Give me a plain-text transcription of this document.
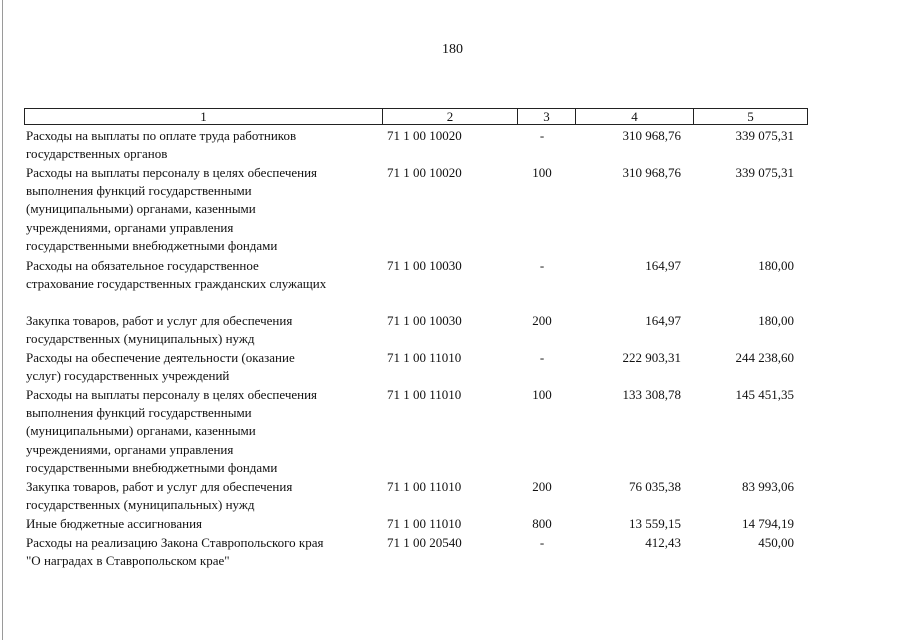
180
1	2	3	4	5
Расходы на выплаты по оплате труда работников
государственных органов
71 1 00 10020	-	310 968,76	339 075,31
Расходы на выплаты персоналу в целях обеспечения
выполнения функций государственными
(муниципальными) органами, казенными
учреждениями, органами управления
государственными внебюджетными фондами
71 1 00 10020	100	310 968,76	339 075,31
Расходы на обязательное государственное
страхование государственных гражданских служащих
71 1 00 10030	-	164,97	180,00
Закупка товаров, работ и услуг для обеспечения
государственных (муниципальных) нужд
71 1 00 10030	200	164,97	180,00
Расходы на обеспечение деятельности (оказание
услуг) государственных учреждений
71 1 00 11010	-	222 903,31	244 238,60
Расходы на выплаты персоналу в целях обеспечения
выполнения функций государственными
(муниципальными) органами, казенными
учреждениями, органами управления
государственными внебюджетными фондами
71 1 00 11010	100	133 308,78	145 451,35
Закупка товаров, работ и услуг для обеспечения
государственных (муниципальных) нужд
71 1 00 11010	200	76 035,38	83 993,06
Иные бюджетные ассигнования	71 1 00 11010	800	13 559,15	14 794,19
Расходы на реализацию Закона Ставропольского края
"О наградах в Ставропольском крае"
71 1 00 20540	-	412,43	450,00
